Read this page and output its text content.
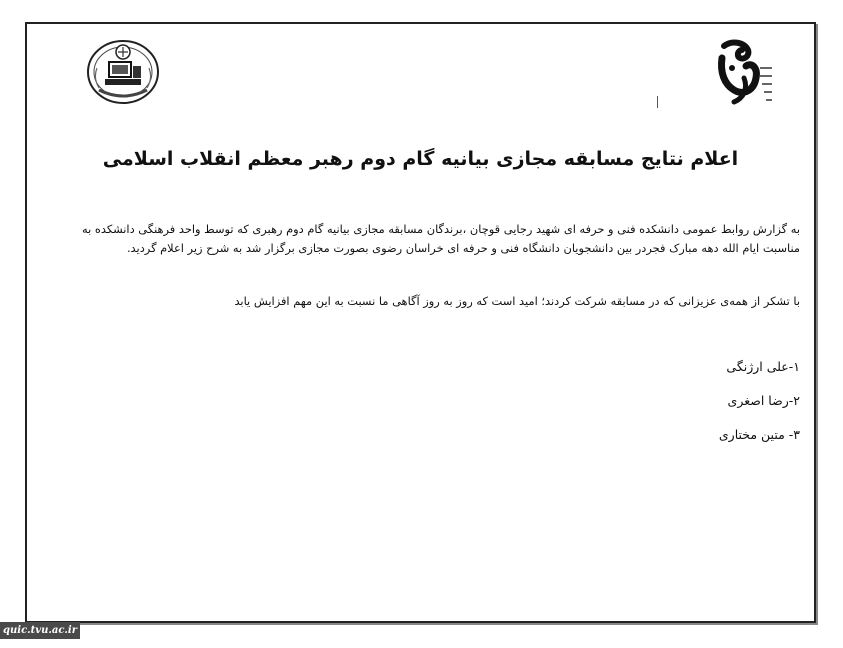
اعلام نتایج مسابقه مجازی بیانیه گام دوم رهبر معظم انقلاب اسلامی

به گزارش روابط عمومی دانشکده فنی و حرفه ای شهید رجایی قوچان ،برندگان مسابقه مجازی بیانیه گام دوم رهبری که توسط واحد فرهنگی دانشکده به مناسبت ایام الله دهه مبارک فجردر بین دانشجویان دانشگاه فنی و حرفه ای خراسان رضوی بصورت مجازی برگزار شد به شرح زیر اعلام گردید.

با تشکر از همه‌ی عزیزانی که در مسابقه شرکت کردند؛ امید است که روز به روز آگاهی ما نسبت به این مهم افزایش یابد

۱-علی ارژنگی
۲-رضا اصغری
۳- متین مختاری
quic.tvu.ac.ir
